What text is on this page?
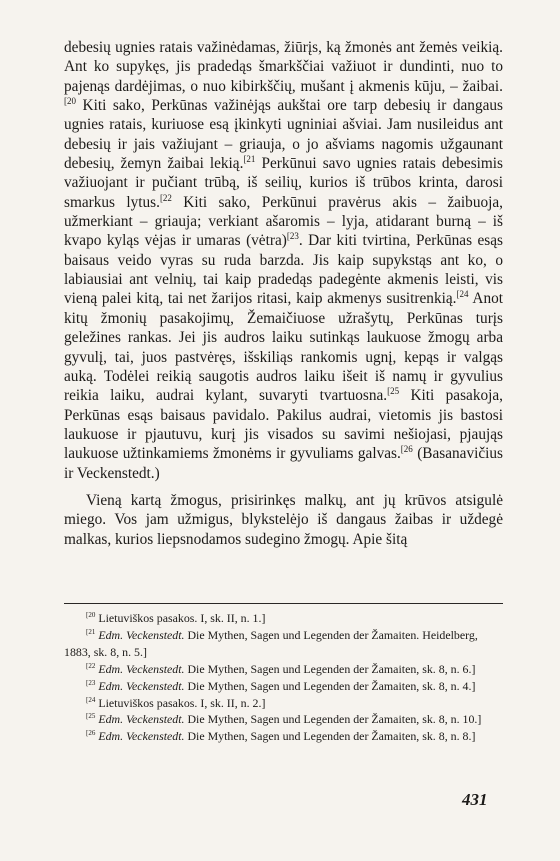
debesių ugnies ratais važinėdamas, žiūrįs, ką žmonės ant žemės veikią. Ant ko supykęs, jis pradedąs šmarkščiai važiuot ir dundinti, nuo to pajenąs dardėjimas, o nuo kibirkščių, mušant į akmenis kūju, – žaibai.$^{[20}$ Kiti sako, Perkūnas važinėjąs aukštai ore tarp debesių ir dangaus ugnies ratais, kuriuose esą įkinkyti ugniniai ašviai. Jam nusileidus ant debesių ir jais važiujant – griauja, o jo ašviams nagomis užgaunant debesių, žemyn žaibai lekią.$^{[21}$ Perkūnui savo ugnies ratais debesimis važiuojant ir pučiant trūbą, iš seilių, kurios iš trūbos krinta, darosi smarkus lytus.$^{[22}$ Kiti sako, Perkūnui pravėrus akis – žaibuoja, užmerkiant – griauja; verkiant ašaromis – lyja, atidarant burną – iš kvapo kyląs vėjas ir umaras (vėtra)$^{[23}$. Dar kiti tvirtina, Perkūnas esąs baisaus veido vyras su ruda barzda. Jis kaip supykstąs ant ko, o labiausiai ant velnių, tai kaip pradedąs padegėnte akmenis leisti, vis vieną palei kitą, tai net žarijos ritasi, kaip akmenys susitrenkią.$^{[24}$ Anot kitų žmonių pasakojimų, Žemaičiuose užrašytų, Perkūnas turįs geležines rankas. Jei jis audros laiku sutinkąs laukuose žmogų arba gyvulį, tai, juos pastvėręs, išskiliąs rankomis ugnį, kepąs ir valgąs auką. Todėlei reikią saugotis audros laiku išeit iš namų ir gyvulius reikia laiku, audrai kylant, suvaryti tvartuosna.$^{[25}$ Kiti pasakoja, Perkūnas esąs baisaus pavidalo. Pakilus audrai, vietomis jis bastosi laukuose ir pjautuvu, kurį jis visados su savimi nešiojasi, pjaująs laukuose užtinkamiems žmonėms ir gyvuliams galvas.$^{[26}$ (Basanavičius ir Veckenstedt.)

Vieną kartą žmogus, prisirinkęs malkų, ant jų krūvos atsigulė miego. Vos jam užmigus, blykstelėjo iš dangaus žaibas ir uždegė malkas, kurios liepsnodamos sudegino žmogų. Apie šitą

$^{[20}$ Lietuviškos pasakos. I, sk. II, n. 1.]

$^{[21}$ Edm. Veckenstedt. Die Mythen, Sagen und Legenden der Žamaiten. Heidelberg, 1883, sk. 8, n. 5.]

$^{[22}$ Edm. Veckenstedt. Die Mythen, Sagen und Legenden der Žamaiten, sk. 8, n. 6.]

$^{[23}$ Edm. Veckenstedt. Die Mythen, Sagen und Legenden der Žamaiten, sk. 8, n. 4.]

$^{[24}$ Lietuviškos pasakos. I, sk. II, n. 2.]

$^{[25}$ Edm. Veckenstedt. Die Mythen, Sagen und Legenden der Žamaiten, sk. 8, n. 10.]

$^{[26}$ Edm. Veckenstedt. Die Mythen, Sagen und Legenden der Žamaiten, sk. 8, n. 8.]

431
